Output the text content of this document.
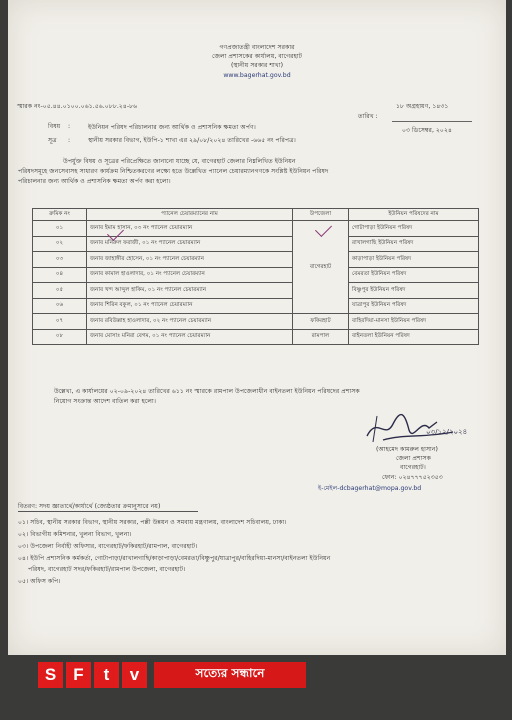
গণপ্রজাতন্ত্রী বাংলাদেশ সরকার
জেলা প্রশাসকের কার্যালয়, বাগেরহাট
(স্থানীয় সরকার শাখা)
www.bagerhat.gov.bd
স্মারক নং-০৫.৪৪.০১০০.০৬১.৫৬.০৮৮.২৪-৮৬	১৮ অগ্রহায়ণ, ১৪৩১
তারিখ :
০৩ ডিসেম্বর, ২০২৪
বিষয় :	ইউনিয়ন পরিষদ পরিচালনার জন্য আর্থিক ও প্রশাসনিক ক্ষমতা অর্পণ।
সূত্র :	স্থানীয় সরকার বিভাগ, ইউপি-১ শাখা এর ২৯/০৮/২০২৪ তারিখের -৬৬৫ নং পরিপত্র।
উপর্যুক্ত বিষয় ও সূত্রের পরিপ্রেক্ষিতে জানানো যাচ্ছে যে, বাগেরহাট জেলার নিম্নলিখিত ইউনিয়ন
পরিষদসমূহে জনসেবাসহ সাধারণ কার্যক্রম নিশ্চিতকরণের লক্ষ্যে হতে উল্লেখিত প্যানেল চেয়ারম্যানগণকে সংশ্লিষ্ট ইউনিয়ন পরিষদ
পরিচালনার জন্য আর্থিক ও প্রশাসনিক ক্ষমতা অর্পণ করা হলো।
ক্রমিক নং	প্যানেল চেয়ারম্যানের নাম	উপজেলা	ইউনিয়ন পরিষদের নাম
০১	জনাব ইমাম হাসান, ০৩ নং প্যানেল চেয়ারম্যান	বাগেরহাট	গোটাপাড়া ইউনিয়ন পরিষদ
০২	জনাব মনিরুল ফরাজী, ০১ নং প্যানেল চেয়ারম্যান		রাখালগাছি ইউনিয়ন পরিষদ
০৩	জনাব জাহাঙ্গীর হোসেন, ০১ নং প্যানেল চেয়ারম্যান		কাড়াপাড়া ইউনিয়ন পরিষদ
০৪	জনাব কামাল হাওলাদার, ০১ নং প্যানেল চেয়ারম্যান		বেমরতা ইউনিয়ন পরিষদ
০৫	জনাব খন্দ আব্দুল হাকিম, ০১ নং প্যানেল চেয়ারম্যান		বিষ্ণুপুর ইউনিয়ন পরিষদ
০৬	জনাব শিরিন বকুল, ০১ নং প্যানেল চেয়ারম্যান		যাত্রাপুর ইউনিয়ন পরিষদ
০৭	জনাব রবিউল্লাহ হাওলাদার, ০২ নং প্যানেল চেয়ারম্যান	ফকিরহাট	বাহিরদিয়া-মানসা ইউনিয়ন পরিষদ
০৮	জনাব মোসাঃ মনিরা বেগম, ০১ নং প্যানেল চেয়ারম্যান	রামপাল	বাইনতলা ইউনিয়ন পরিষদ
উল্লেখ্য, এ কার্যালয়ের ০২-০৯-২০২৪ তারিখের ৬১১ নং স্মারকে রামপাল উপজেলাধীন বাইনতলা ইউনিয়ন পরিষদের প্রশাসক
নিয়োগ সংক্রান্ত আদেশ বাতিল করা হলো।
০৩/১২/২০২৪
(আহমেদ কামরুল হাসান)
জেলা প্রশাসক
বাগেরহাট।
ফোন: ০২৪৭৭৭৫২৩৫৩
ই-মেইল-dcbagerhat@mopa.gov.bd
বিতরণ: সদয় জ্ঞাতার্থে/কার্যার্থে (জ্যেষ্ঠতার ক্রমানুসারে নয়)
০১। সচিব, স্থানীয় সরকার বিভাগ, স্থানীয় সরকার, পল্লী উন্নয়ন ও সমবায় মন্ত্রণালয়, বাংলাদেশ সচিবালয়, ঢাকা।
০২। বিভাগীয় কমিশনার, খুলনা বিভাগ, খুলনা।
০৩। উপজেলা নির্বাহী অফিসার, বাগেরহাট/ফকিরহাট/রামপাল, বাগেরহাট।
০৪। ইউপি প্রশাসনিক কর্মকর্তা, গোটাপাড়া/রাখালগাছি/কাড়াপাড়া/বেমরতা/বিষ্ণুপুর/যাত্রাপুর/বাহিরদিয়া-মানসা/বাইনতলা ইউনিয়ন
পরিষদ, বাগেরহাট সদর/ফকিরহাট/রামপাল উপজেলা, বাগেরহাট।
০৫। অফিস কপি।
S	F	t	v	সত্যের সন্ধানে
